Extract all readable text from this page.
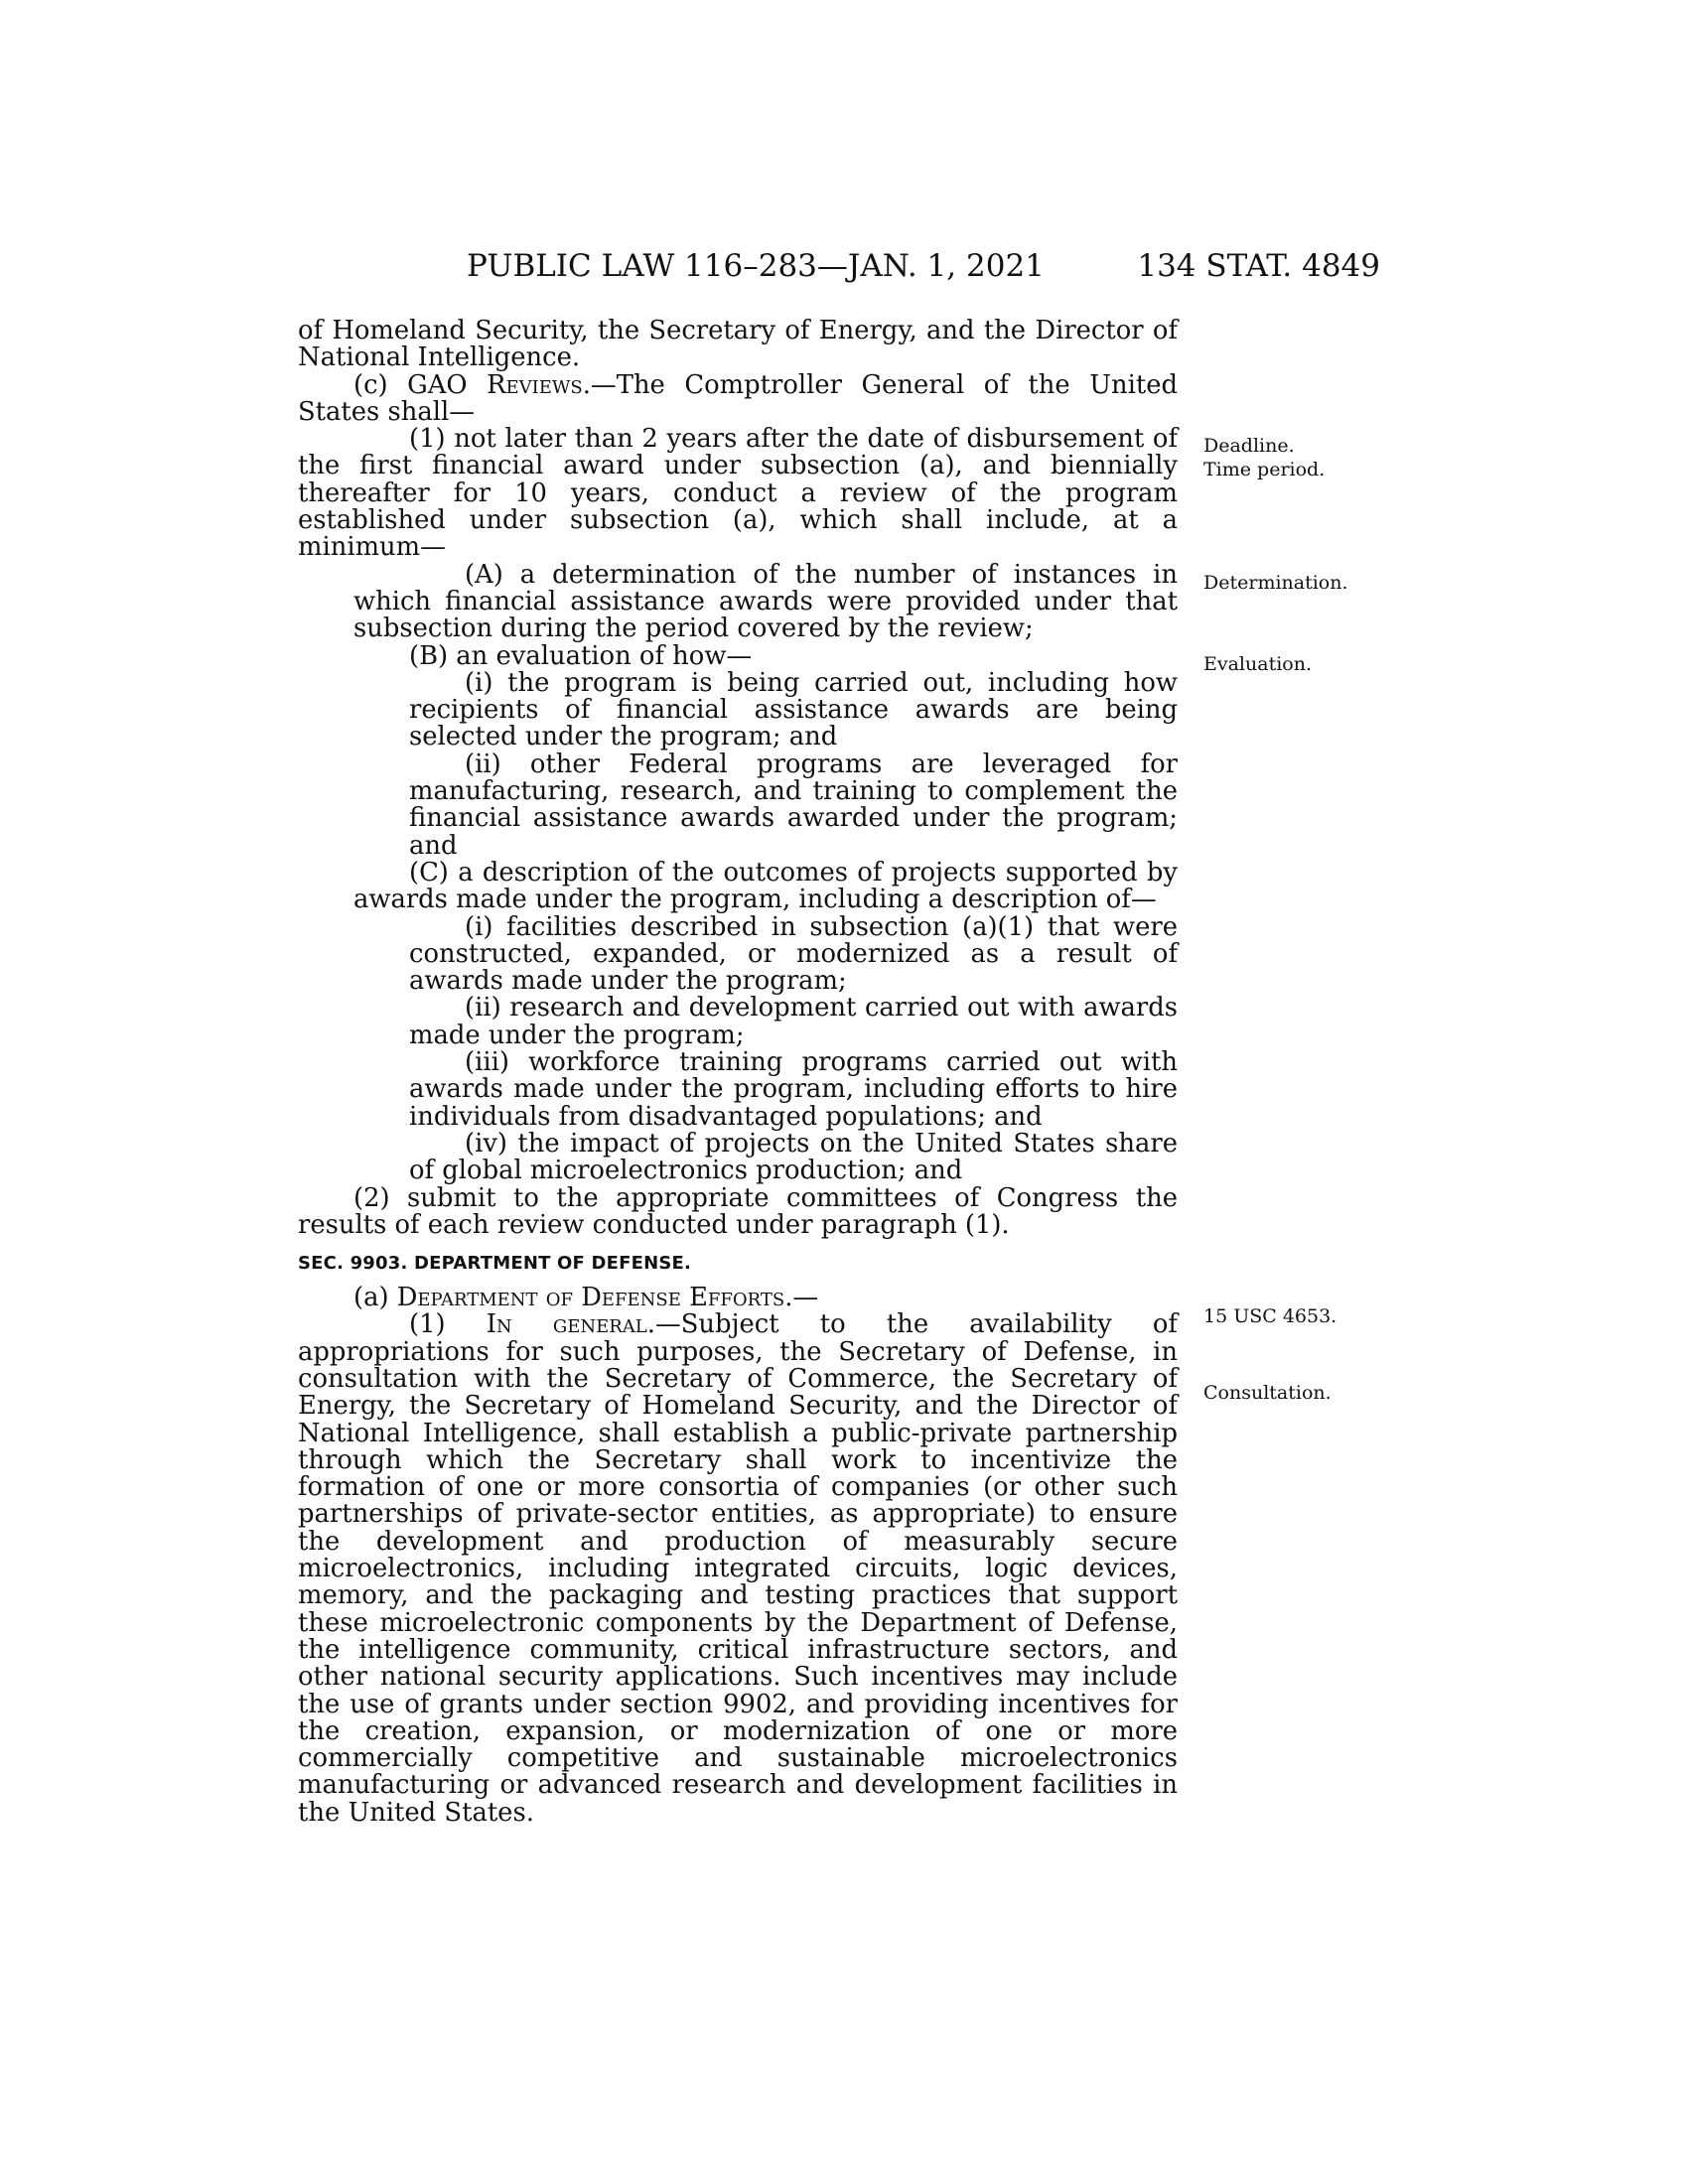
PUBLIC LAW 116–283—JAN. 1, 2021	134 STAT. 4849

of Homeland Security, the Secretary of Energy, and the Director of National Intelligence.

(c) GAO Reviews.—The Comptroller General of the United States shall—

(1) not later than 2 years after the date of disbursement of the first financial award under subsection (a), and biennially thereafter for 10 years, conduct a review of the program established under subsection (a), which shall include, at a minimum—

(A) a determination of the number of instances in which financial assistance awards were provided under that subsection during the period covered by the review;

(B) an evaluation of how—

(i) the program is being carried out, including how recipients of financial assistance awards are being selected under the program; and

(ii) other Federal programs are leveraged for manufacturing, research, and training to complement the financial assistance awards awarded under the program; and

(C) a description of the outcomes of projects supported by awards made under the program, including a description of—

(i) facilities described in subsection (a)(1) that were constructed, expanded, or modernized as a result of awards made under the program;

(ii) research and development carried out with awards made under the program;

(iii) workforce training programs carried out with awards made under the program, including efforts to hire individuals from disadvantaged populations; and

(iv) the impact of projects on the United States share of global microelectronics production; and

(2) submit to the appropriate committees of Congress the results of each review conducted under paragraph (1).

SEC. 9903. DEPARTMENT OF DEFENSE.

(a) Department of Defense Efforts.—

(1) In general.—Subject to the availability of appropriations for such purposes, the Secretary of Defense, in consultation with the Secretary of Commerce, the Secretary of Energy, the Secretary of Homeland Security, and the Director of National Intelligence, shall establish a public-private partnership through which the Secretary shall work to incentivize the formation of one or more consortia of companies (or other such partnerships of private-sector entities, as appropriate) to ensure the development and production of measurably secure microelectronics, including integrated circuits, logic devices, memory, and the packaging and testing practices that support these microelectronic components by the Department of Defense, the intelligence community, critical infrastructure sectors, and other national security applications. Such incentives may include the use of grants under section 9902, and providing incentives for the creation, expansion, or modernization of one or more commercially competitive and sustainable microelectronics manufacturing or advanced research and development facilities in the United States.

Deadline.
Time period.
Determination.
Evaluation.
15 USC 4653.
Consultation.
